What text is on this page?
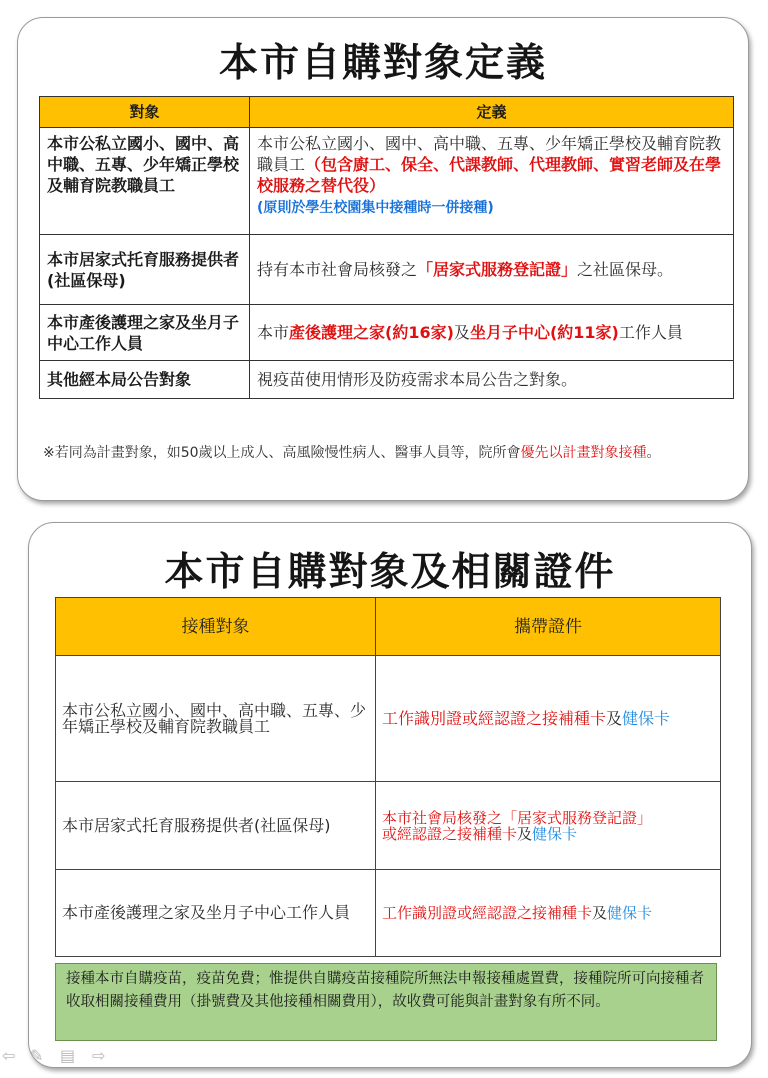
本市自購對象定義
對象	定義
本市公私立國小、國中、高中職、五專、少年矯正學校及輔育院教職員工	本市公私立國小、國中、高中職、五專、少年矯正學校及輔育院教職員工（包含廚工、保全、代課教師、代理教師、實習老師及在學校服務之替代役）
(原則於學生校園集中接種時一併接種)
本市居家式托育服務提供者(社區保母)	持有本市社會局核發之「居家式服務登記證」之社區保母。
本市產後護理之家及坐月子中心工作人員	本市產後護理之家(約16家)及坐月子中心(約11家)工作人員
其他經本局公告對象	視疫苗使用情形及防疫需求本局公告之對象。
※若同為計畫對象，如50歲以上成人、高風險慢性病人、醫事人員等，院所會優先以計畫對象接種。
本市自購對象及相關證件
接種對象	攜帶證件
本市公私立國小、國中、高中職、五專、少年矯正學校及輔育院教職員工	工作識別證或經認證之接補種卡及健保卡
本市居家式托育服務提供者(社區保母)	本市社會局核發之「居家式服務登記證」
或經認證之接補種卡及健保卡
本市產後護理之家及坐月子中心工作人員	工作識別證或經認證之接補種卡及健保卡
接種本市自購疫苗，疫苗免費；惟提供自購疫苗接種院所無法申報接種處置費，接種院所可向接種者收取相關接種費用（掛號費及其他接種相關費用），故收費可能與計畫對象有所不同。
⇦ ✎ ▤ ⇨
